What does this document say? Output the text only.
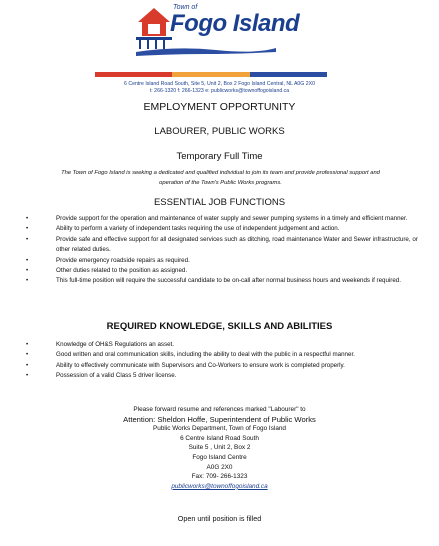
Town of
Fogo Island
6 Centre Island Road South, Site 5, Unit 2, Box 2 Fogo Island Central, NL A0G 2X0
t: 266-1320 f: 266-1323 e: publicworks@townoffogoisland.ca
EMPLOYMENT OPPORTUNITY
LABOURER, PUBLIC WORKS
Temporary Full Time
The Town of Fogo Island is seeking a dedicated and qualified individual to join its team and provide professional support and
operation of the Town's Public Works programs.
ESSENTIAL JOB FUNCTIONS
• Provide support for the operation and maintenance of water supply and sewer pumping systems in a timely and efficient manner.
• Ability to perform a variety of independent tasks requiring the use of independent judgement and action.
• Provide safe and effective support for all designated services such as ditching, road maintenance Water and Sewer infrastructure, or other related duties.
• Provide emergency roadside repairs as required.
• Other duties related to the position as assigned.
• This full-time position will require the successful candidate to be on-call after normal business hours and weekends if required.
REQUIRED KNOWLEDGE, SKILLS AND ABILITIES
• Knowledge of OH&S Regulations an asset.
• Good written and oral communication skills, including the ability to deal with the public in a respectful manner.
• Ability to effectively communicate with Supervisors and Co-Workers to ensure work is completed properly.
• Possession of a valid Class 5 driver license.
Please forward resume and references marked "Labourer" to
Attention: Sheldon Hoffe, Superintendent of Public Works
Public Works Department, Town of Fogo Island
6 Centre Island Road South
Suite 5 , Unit 2, Box 2
Fogo Island Centre
A0G 2X0
Fax: 709- 266-1323
publicworks@townoffogoisland.ca
Open until position is filled
